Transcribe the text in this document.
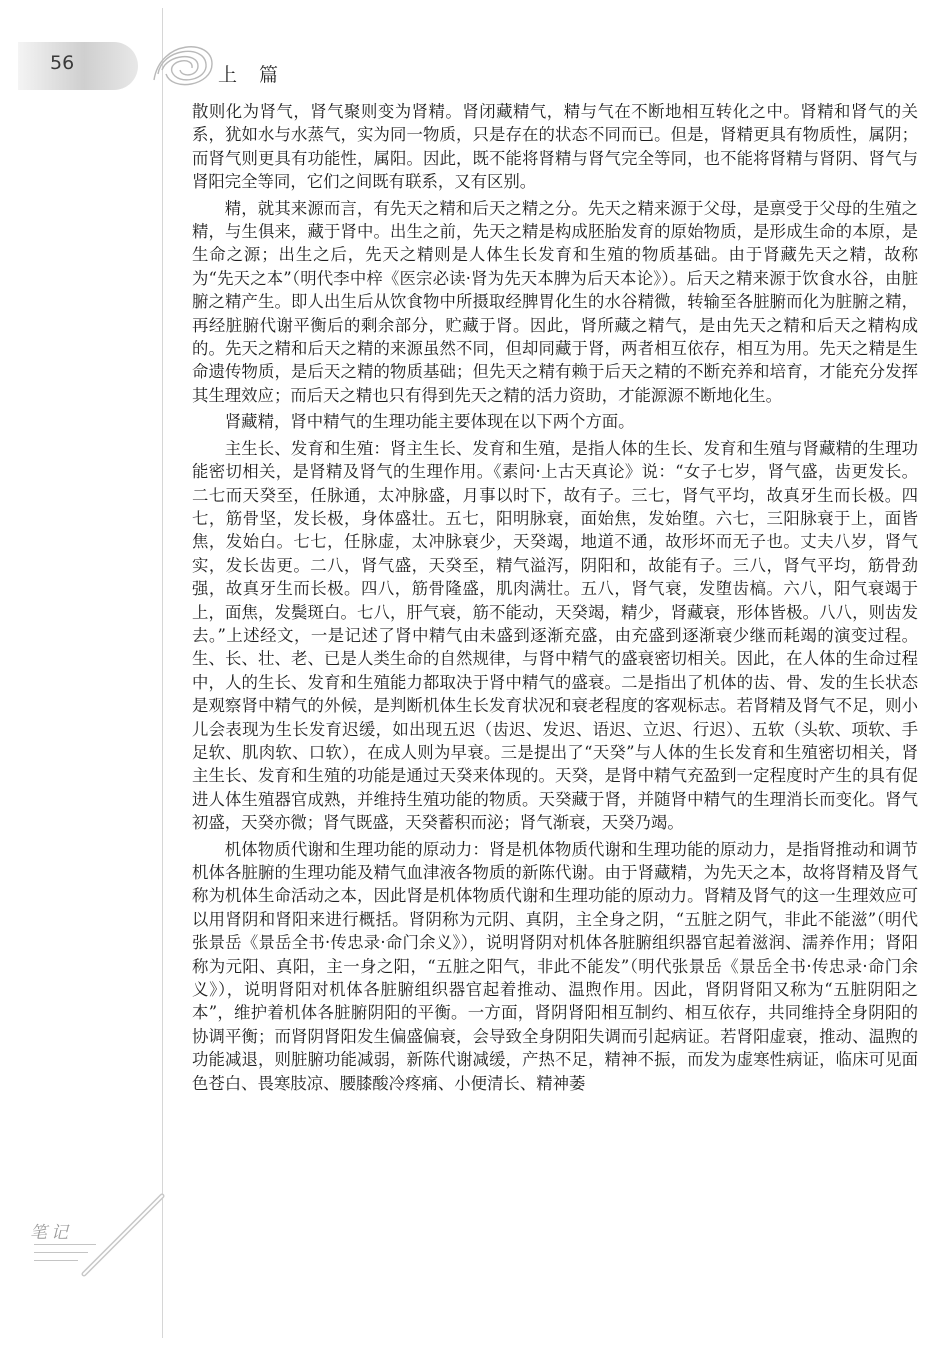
56
上篇

散则化为肾气，肾气聚则变为肾精。肾闭藏精气，精与气在不断地相互转化之中。肾精和肾气的关系，犹如水与水蒸气，实为同一物质，只是存在的状态不同而已。但是，肾精更具有物质性，属阴；而肾气则更具有功能性，属阳。因此，既不能将肾精与肾气完全等同，也不能将肾精与肾阴、肾气与肾阳完全等同，它们之间既有联系，又有区别。

精，就其来源而言，有先天之精和后天之精之分。先天之精来源于父母，是禀受于父母的生殖之精，与生俱来，藏于肾中。出生之前，先天之精是构成胚胎发育的原始物质，是形成生命的本原，是生命之源；出生之后，先天之精则是人体生长发育和生殖的物质基础。由于肾藏先天之精，故称为“先天之本”（明代李中梓《医宗必读·肾为先天本脾为后天本论》）。后天之精来源于饮食水谷，由脏腑之精产生。即人出生后从饮食物中所摄取经脾胃化生的水谷精微，转输至各脏腑而化为脏腑之精，再经脏腑代谢平衡后的剩余部分，贮藏于肾。因此，肾所藏之精气，是由先天之精和后天之精构成的。先天之精和后天之精的来源虽然不同，但却同藏于肾，两者相互依存，相互为用。先天之精是生命遗传物质，是后天之精的物质基础；但先天之精有赖于后天之精的不断充养和培育，才能充分发挥其生理效应；而后天之精也只有得到先天之精的活力资助，才能源源不断地化生。

肾藏精，肾中精气的生理功能主要体现在以下两个方面。

主生长、发育和生殖：肾主生长、发育和生殖，是指人体的生长、发育和生殖与肾藏精的生理功能密切相关，是肾精及肾气的生理作用。《素问·上古天真论》说：“女子七岁，肾气盛，齿更发长。二七而天癸至，任脉通，太冲脉盛，月事以时下，故有子。三七，肾气平均，故真牙生而长极。四七，筋骨坚，发长极，身体盛壮。五七，阳明脉衰，面始焦，发始堕。六七，三阳脉衰于上，面皆焦，发始白。七七，任脉虚，太冲脉衰少，天癸竭，地道不通，故形坏而无子也。丈夫八岁，肾气实，发长齿更。二八，肾气盛，天癸至，精气溢泻，阴阳和，故能有子。三八，肾气平均，筋骨劲强，故真牙生而长极。四八，筋骨隆盛，肌肉满壮。五八，肾气衰，发堕齿槁。六八，阳气衰竭于上，面焦，发鬓斑白。七八，肝气衰，筋不能动，天癸竭，精少，肾藏衰，形体皆极。八八，则齿发去。”上述经文，一是记述了肾中精气由未盛到逐渐充盛，由充盛到逐渐衰少继而耗竭的演变过程。生、长、壮、老、已是人类生命的自然规律，与肾中精气的盛衰密切相关。因此，在人体的生命过程中，人的生长、发育和生殖能力都取决于肾中精气的盛衰。二是指出了机体的齿、骨、发的生长状态是观察肾中精气的外候，是判断机体生长发育状况和衰老程度的客观标志。若肾精及肾气不足，则小儿会表现为生长发育迟缓，如出现五迟（齿迟、发迟、语迟、立迟、行迟）、五软（头软、项软、手足软、肌肉软、口软），在成人则为早衰。三是提出了“天癸”与人体的生长发育和生殖密切相关，肾主生长、发育和生殖的功能是通过天癸来体现的。天癸，是肾中精气充盈到一定程度时产生的具有促进人体生殖器官成熟，并维持生殖功能的物质。天癸藏于肾，并随肾中精气的生理消长而变化。肾气初盛，天癸亦微；肾气既盛，天癸蓄积而泌；肾气渐衰，天癸乃竭。

机体物质代谢和生理功能的原动力：肾是机体物质代谢和生理功能的原动力，是指肾推动和调节机体各脏腑的生理功能及精气血津液各物质的新陈代谢。由于肾藏精，为先天之本，故将肾精及肾气称为机体生命活动之本，因此肾是机体物质代谢和生理功能的原动力。肾精及肾气的这一生理效应可以用肾阴和肾阳来进行概括。肾阴称为元阴、真阴，主全身之阴，“五脏之阴气，非此不能滋”（明代张景岳《景岳全书·传忠录·命门余义》），说明肾阴对机体各脏腑组织器官起着滋润、濡养作用；肾阳称为元阳、真阳，主一身之阳，“五脏之阳气，非此不能发”（明代张景岳《景岳全书·传忠录·命门余义》），说明肾阳对机体各脏腑组织器官起着推动、温煦作用。因此，肾阴肾阳又称为“五脏阴阳之本”，维护着机体各脏腑阴阳的平衡。一方面，肾阴肾阳相互制约、相互依存，共同维持全身阴阳的协调平衡；而肾阴肾阳发生偏盛偏衰，会导致全身阴阳失调而引起病证。若肾阳虚衰，推动、温煦的功能减退，则脏腑功能减弱，新陈代谢减缓，产热不足，精神不振，而发为虚寒性病证，临床可见面色苍白、畏寒肢凉、腰膝酸冷疼痛、小便清长、精神萎

笔记
